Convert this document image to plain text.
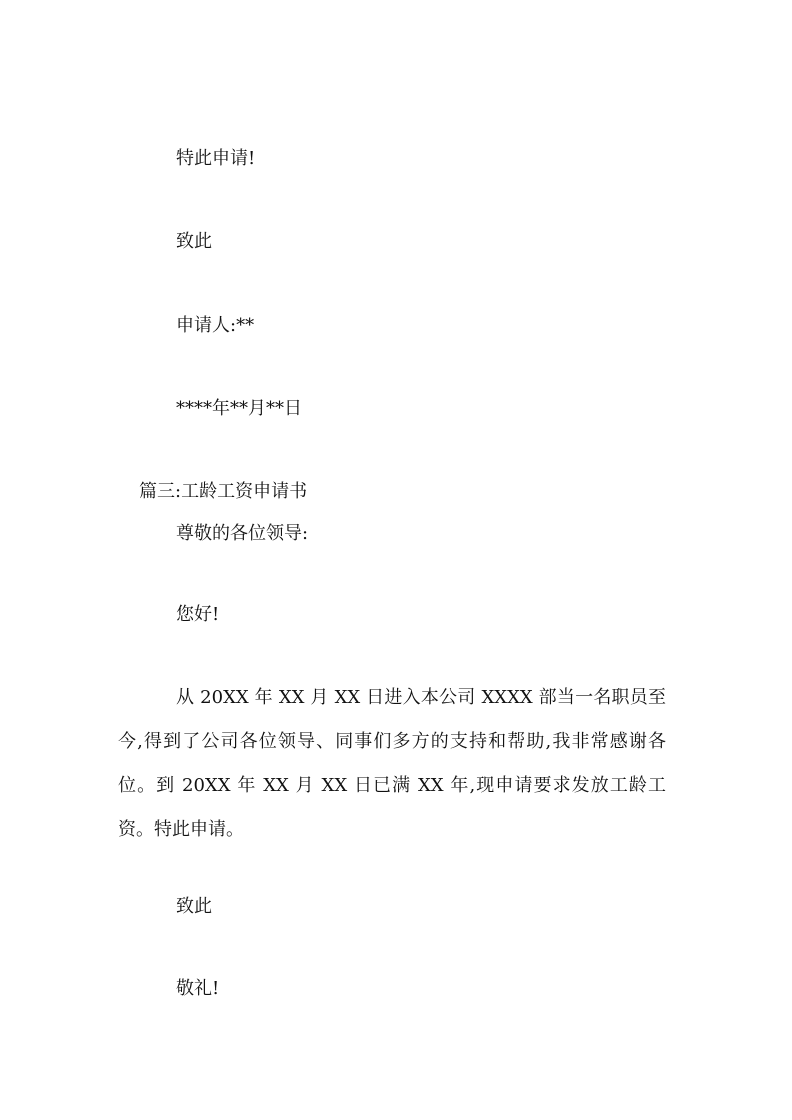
特此申请!
致此
申请人:**
****年**月**日
篇三:工龄工资申请书
尊敬的各位领导:
您好!
从 20XX 年 XX 月 XX 日进入本公司 XXXX 部当一名职员至今,得到了公司各位领导、同事们多方的支持和帮助,我非常感谢各位。到 20XX 年 XX 月 XX 日已满 XX 年,现申请要求发放工龄工资。特此申请。
致此
敬礼!
